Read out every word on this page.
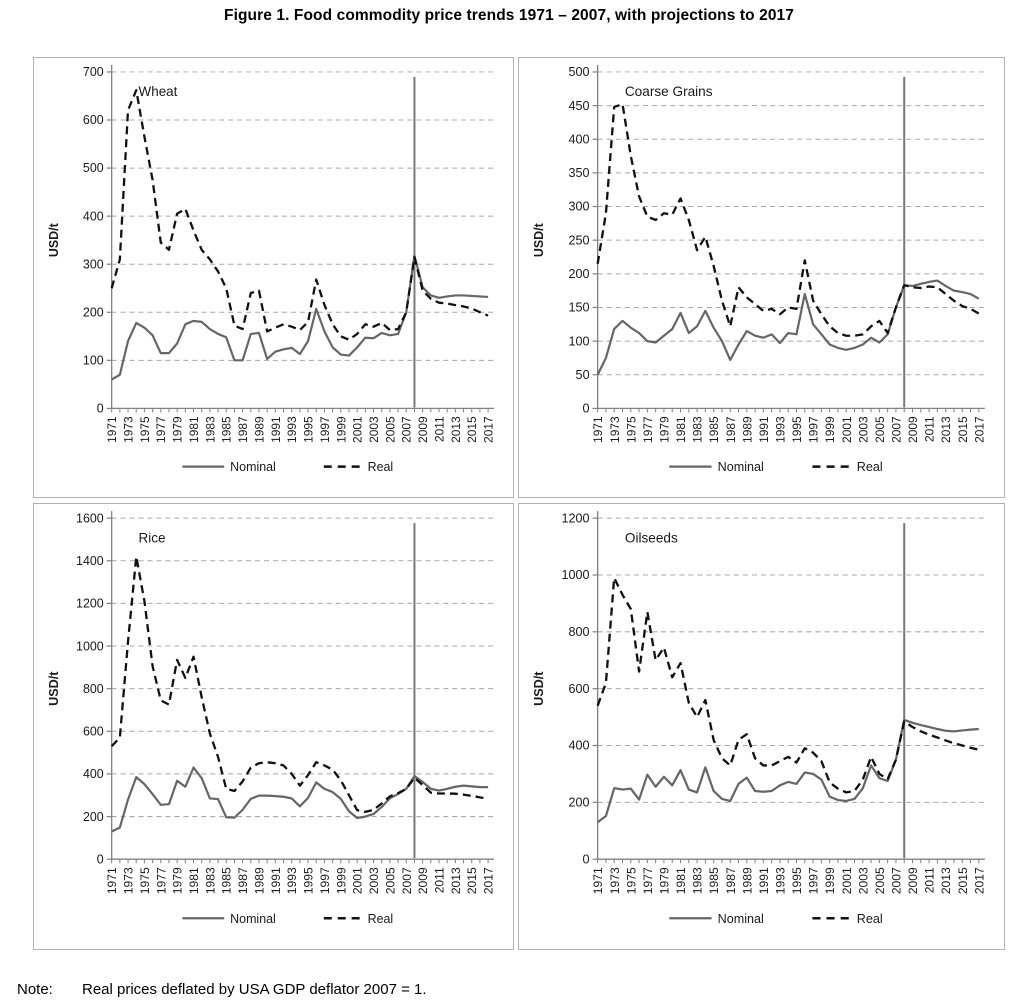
Figure 1. Food commodity price trends 1971 – 2007, with projections to 2017
0
100
200
300
400
500
600
700
1971 1973 1975 1977 1979 1981 1983 1985 1987 1989 1991 1993 1995 1997 1999 2001 2003 2005 2007 2009 2011 2013 2015 2017
Wheat
USD/t
Nominal	Real
0
50
100
150
200
250
300
350
400
450
500
1971 1973 1975 1977 1979 1981 1983 1985 1987 1989 1991 1993 1995 1997 1999 2001 2003 2005 2007 2009 2011 2013 2015 2017
Coarse Grains
USD/t
Nominal	Real
0
200
400
600
800
1000
1200
1400
1600
1971 1973 1975 1977 1979 1981 1983 1985 1987 1989 1991 1993 1995 1997 1999 2001 2003 2005 2007 2009 2011 2013 2015 2017
Rice
USD/t
Nominal	Real
0
200
400
600
800
1000
1200
1971 1973 1975 1977 1979 1981 1983 1985 1987 1989 1991 1993 1995 1997 1999 2001 2003 2005 2007 2009 2011 2013 2015 2017
Oilseeds
USD/t
Nominal	Real
Note: Real prices deflated by USA GDP deflator 2007 = 1.
